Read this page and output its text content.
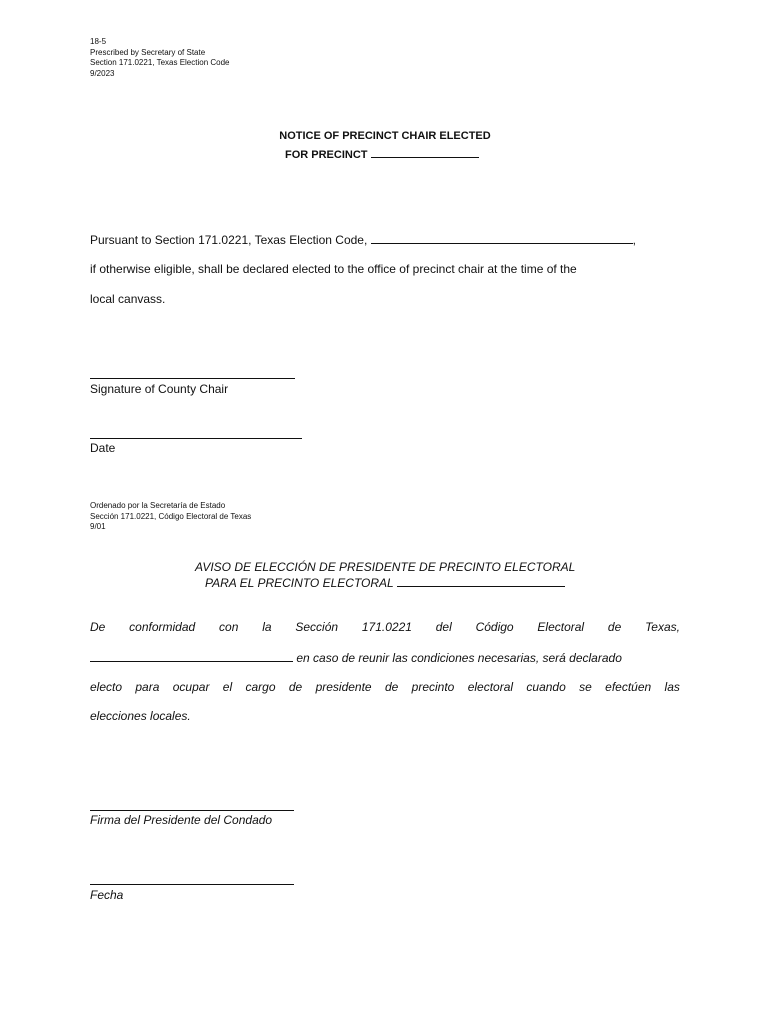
18-5
Prescribed by Secretary of State
Section 171.0221, Texas Election Code
9/2023
NOTICE OF PRECINCT CHAIR ELECTED
FOR PRECINCT
Pursuant to Section 171.0221, Texas Election Code,	,
if otherwise eligible, shall be declared elected to the office of precinct chair at the time of the
local canvass.
Signature of County Chair
Date
Ordenado por la Secretaría de Estado
Sección 171.0221, Código Electoral de Texas
9/01
AVISO DE ELECCIÓN DE PRESIDENTE DE PRECINTO ELECTORAL
PARA EL PRECINTO ELECTORAL
De conformidad con la Sección 171.0221 del Código Electoral de Texas,
en caso de reunir las condiciones necesarias, será declarado
electo para ocupar el cargo de presidente de precinto electoral cuando se efectúen las
elecciones locales.
Firma del Presidente del Condado
Fecha
